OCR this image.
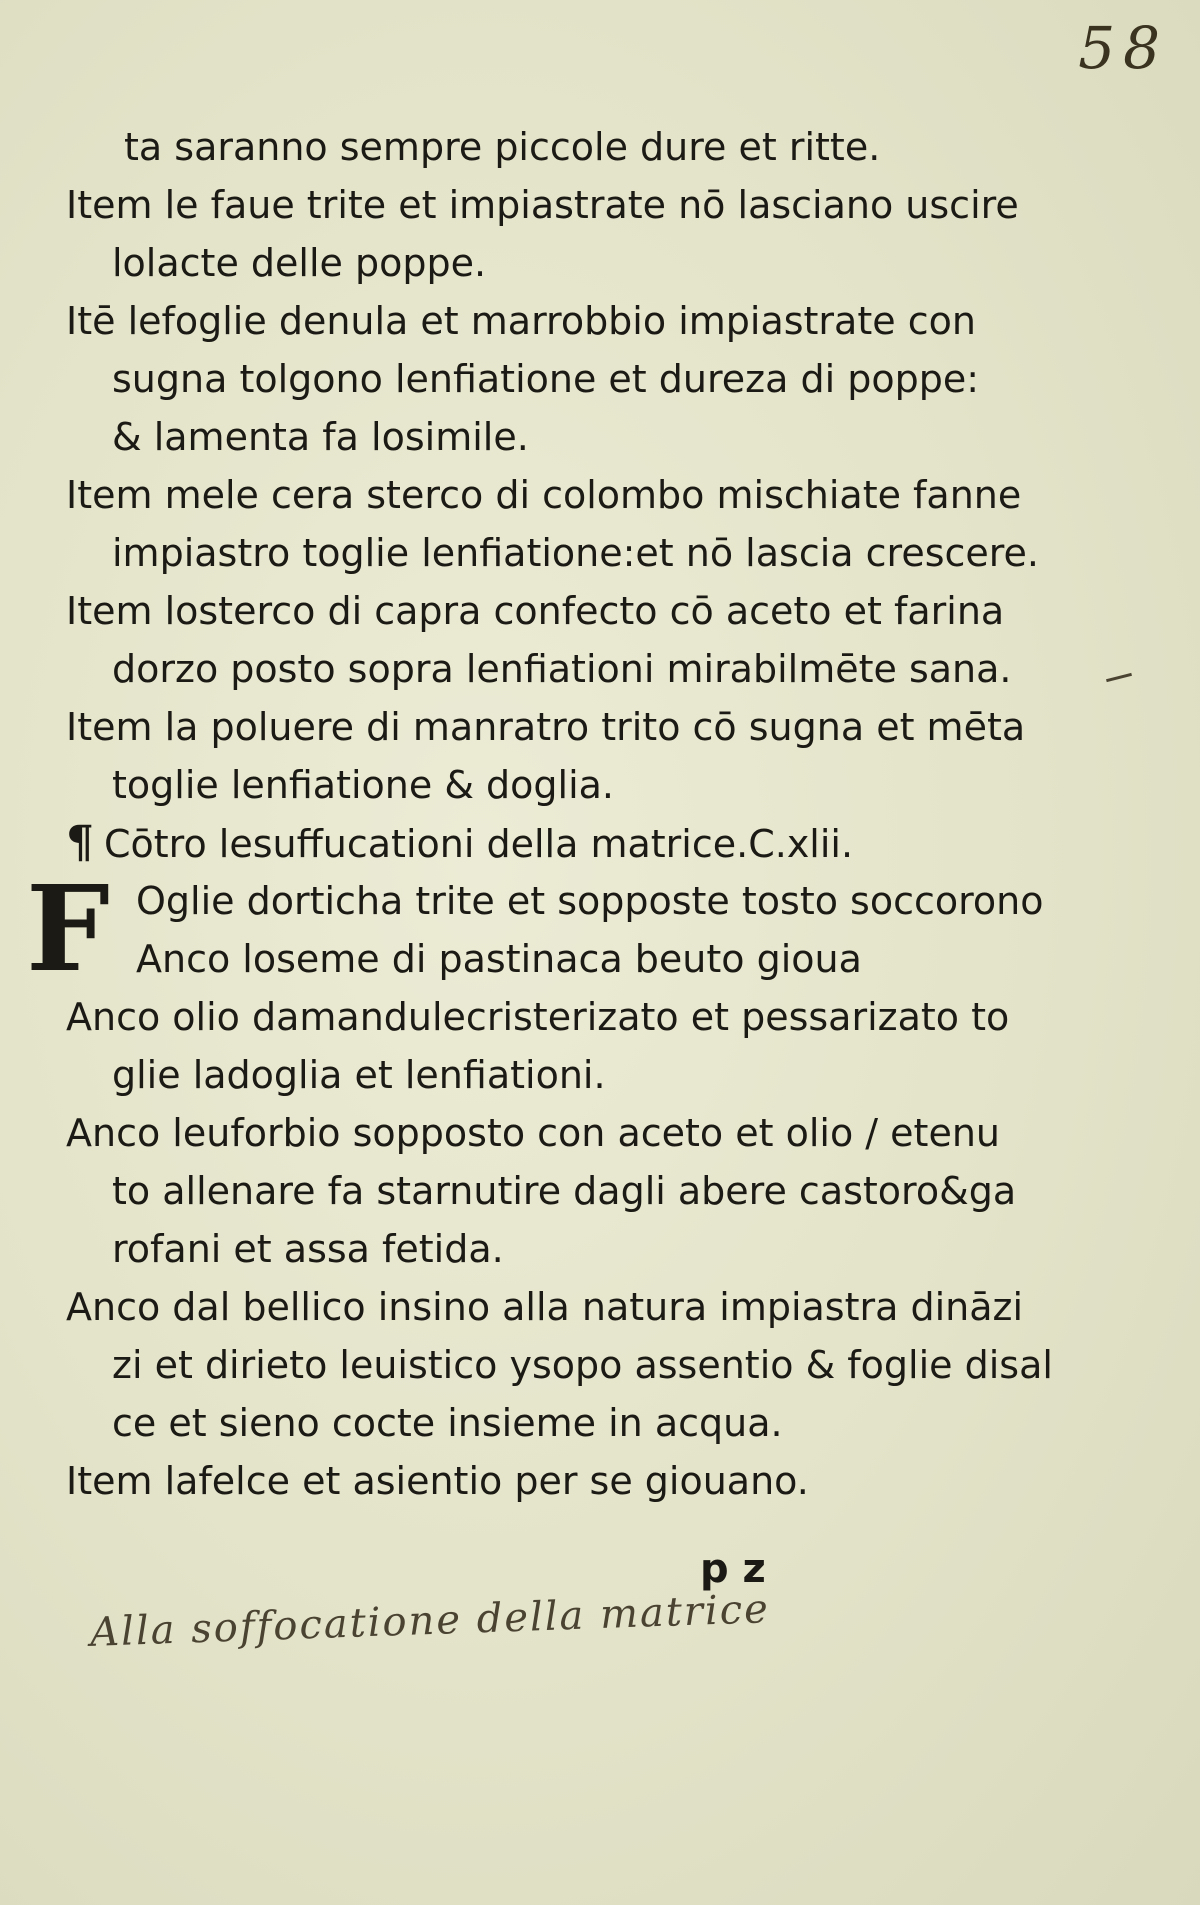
58
ta saranno sempre piccole dure et ritte.
Item le faue trite et impiastrate nō lasciano uscire
lolacte delle poppe.
Itē lefoglie denula et marrobbio impiastrate con
sugna tolgono lenfiatione et dureza di poppe:
& lamenta fa losimile.
Item mele cera sterco di colombo mischiate fanne
impiastro toglie lenfiatione:et nō lascia crescere.
Item losterco di capra confecto cō aceto et farina
dorzo posto sopra lenfiationi mirabilmēte sana.
Item la poluere di manratro trito cō sugna et mēta
toglie lenfiatione & doglia.
¶ Cōtro lesuffucationi della matrice.C.xlii.
F Oglie dorticha trite et sopposte tosto soccorono
Anco loseme di pastinaca beuto gioua
Anco olio damandulecristerizato et pessarizato to
glie ladoglia et lenfiationi.
Anco leuforbio soppostо con aceto et olio / etenu
to allenare fa starnutire dagli abere castoro&ga
rofani et assa fetida.
Anco dal bellico insino alla natura impiastra dināzi
zi et dirieto leuistico ysopo assentio & foglie disal
ce et sieno cocte insieme in acqua.
Item lafelce et asientio per se giouano.
p z
Alla soffocatione della matrice
